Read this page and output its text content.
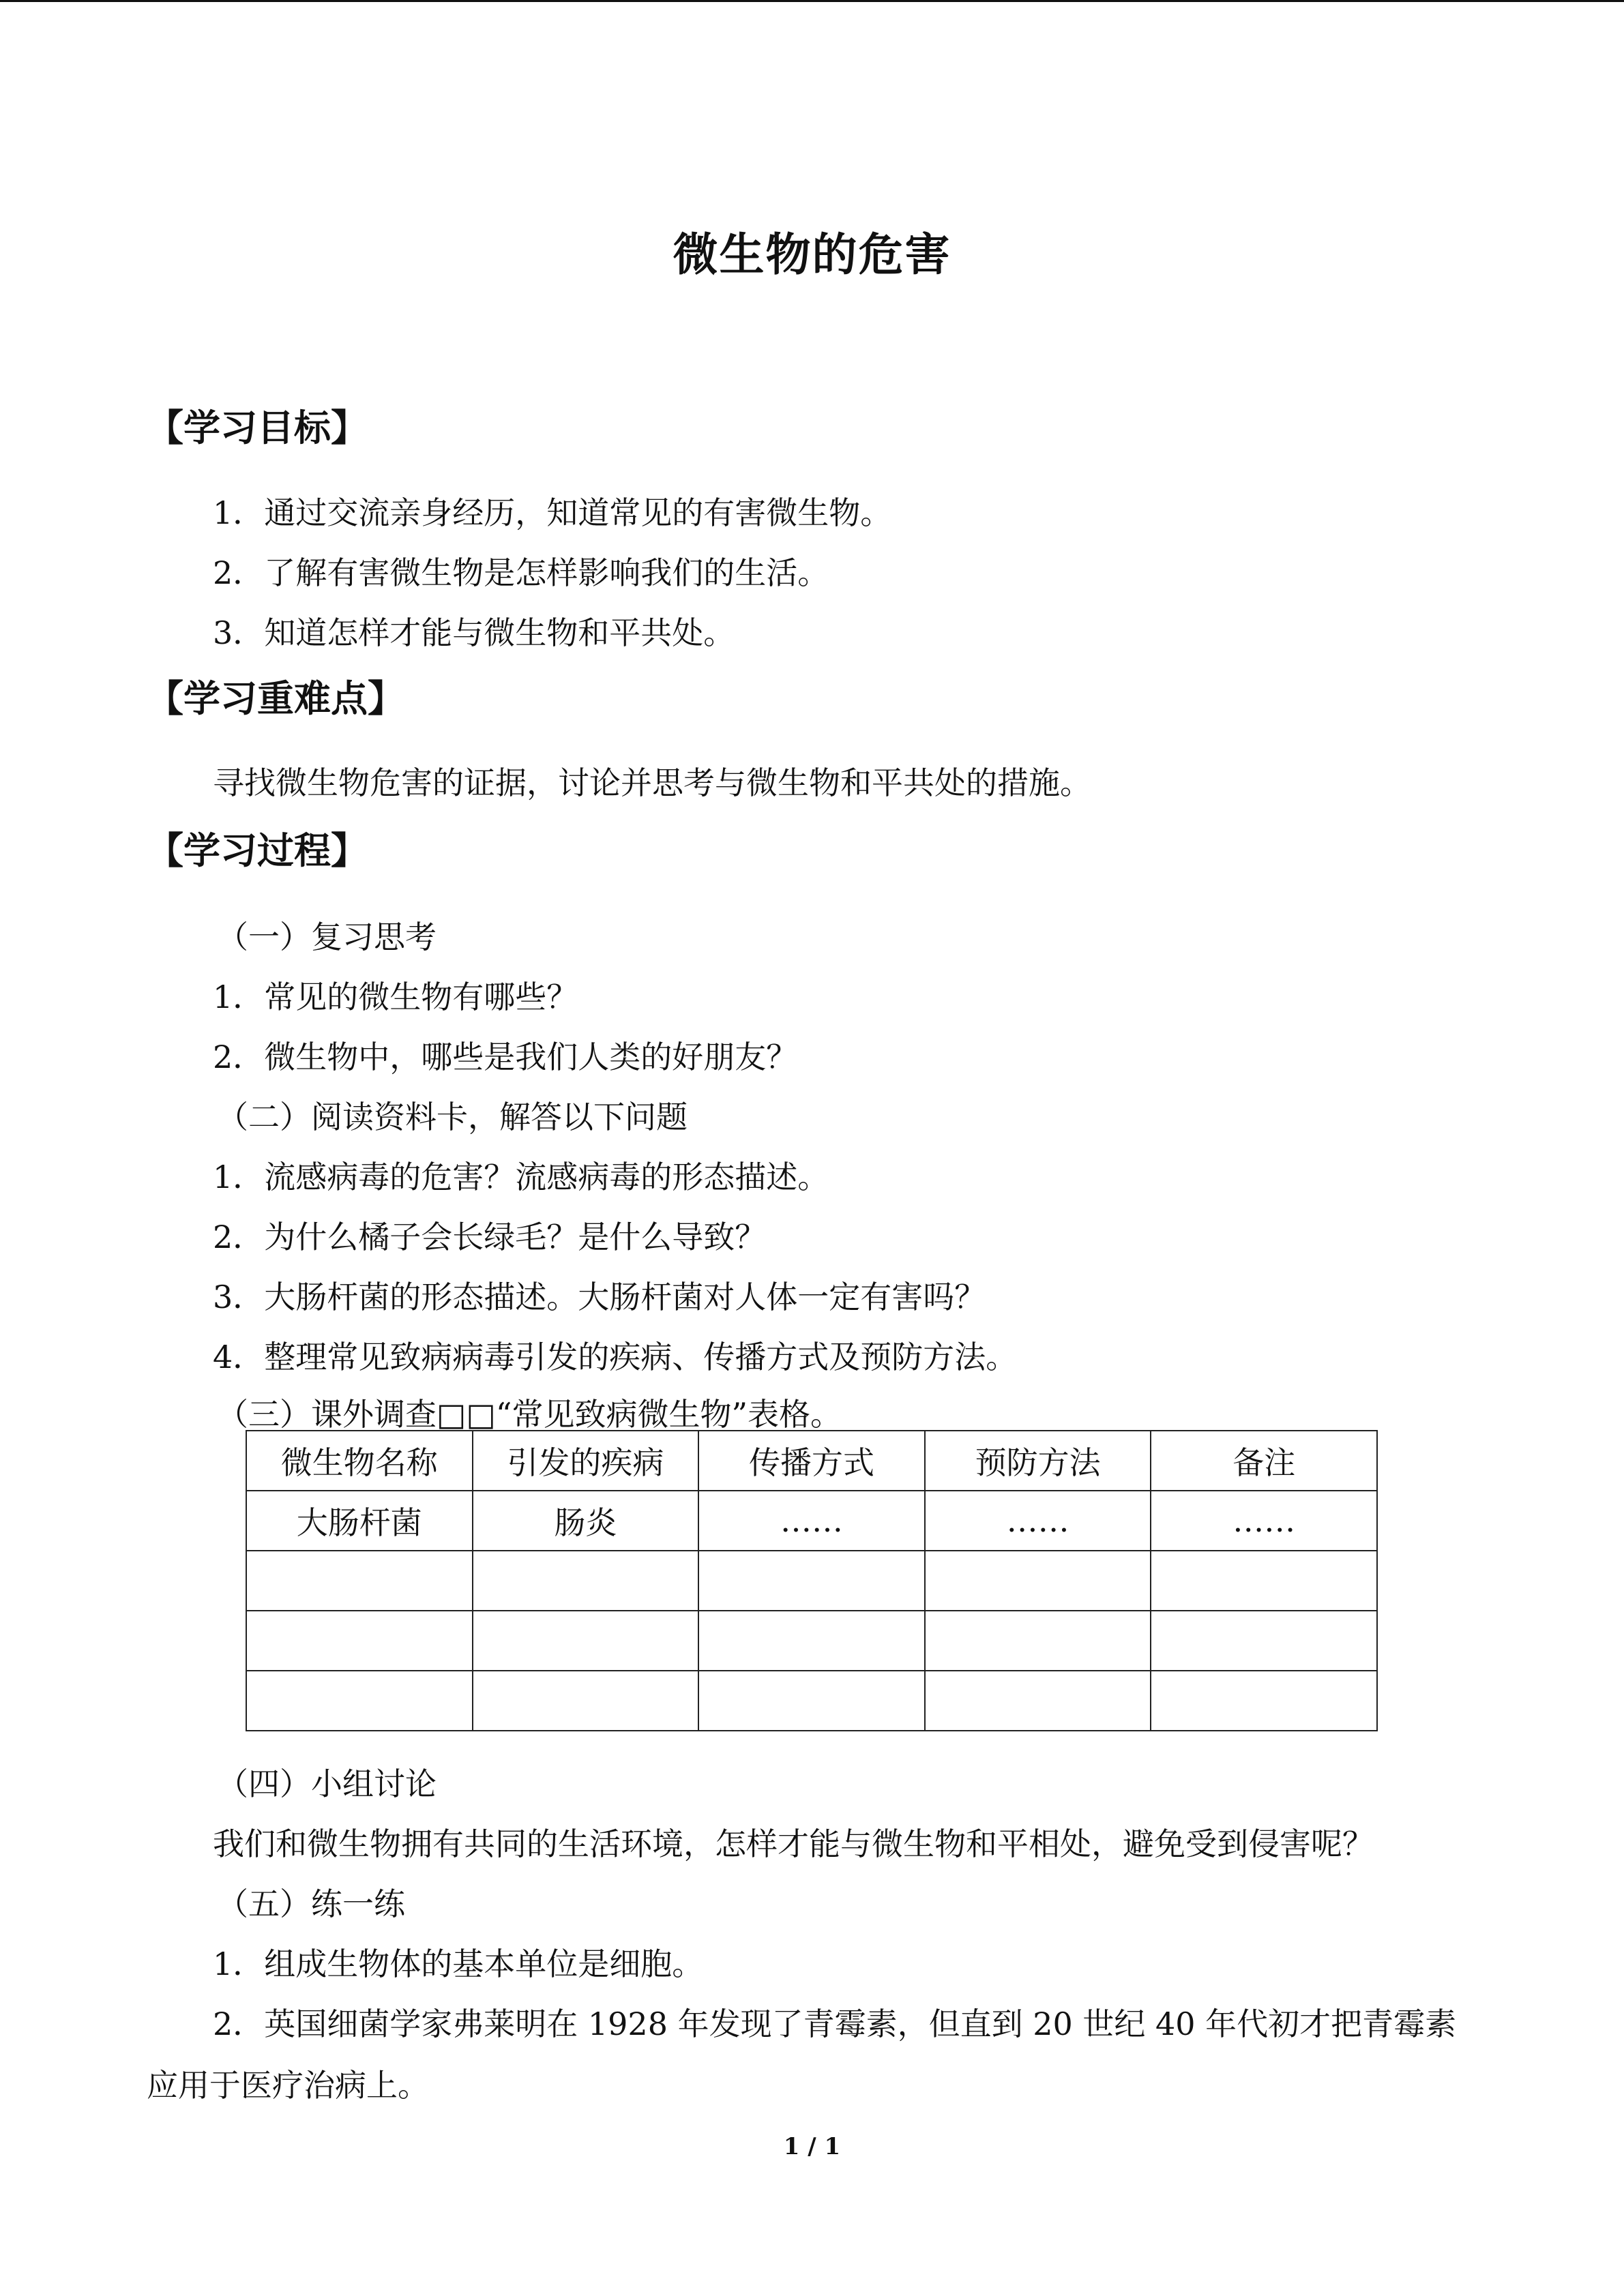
微生物的危害
【学习目标】
1．通过交流亲身经历，知道常见的有害微生物。
2．了解有害微生物是怎样影响我们的生活。
3．知道怎样才能与微生物和平共处。
【学习重难点】
寻找微生物危害的证据，讨论并思考与微生物和平共处的措施。
【学习过程】
（一）复习思考
1．常见的微生物有哪些？
2．微生物中，哪些是我们人类的好朋友？
（二）阅读资料卡，解答以下问题
1．流感病毒的危害？流感病毒的形态描述。
2．为什么橘子会长绿毛？是什么导致？
3．大肠杆菌的形态描述。大肠杆菌对人体一定有害吗？
4．整理常见致病病毒引发的疾病、传播方式及预防方法。
（三）课外调查□□“常见致病微生物”表格。
微生物名称	引发的疾病	传播方式	预防方法	备注
大肠杆菌	肠炎	……	……	……

（四）小组讨论
我们和微生物拥有共同的生活环境，怎样才能与微生物和平相处，避免受到侵害呢？
（五）练一练
1．组成生物体的基本单位是细胞。
2．英国细菌学家弗莱明在 1928 年发现了青霉素，但直到 20 世纪 40 年代初才把青霉素
应用于医疗治病上。
1 / 1
